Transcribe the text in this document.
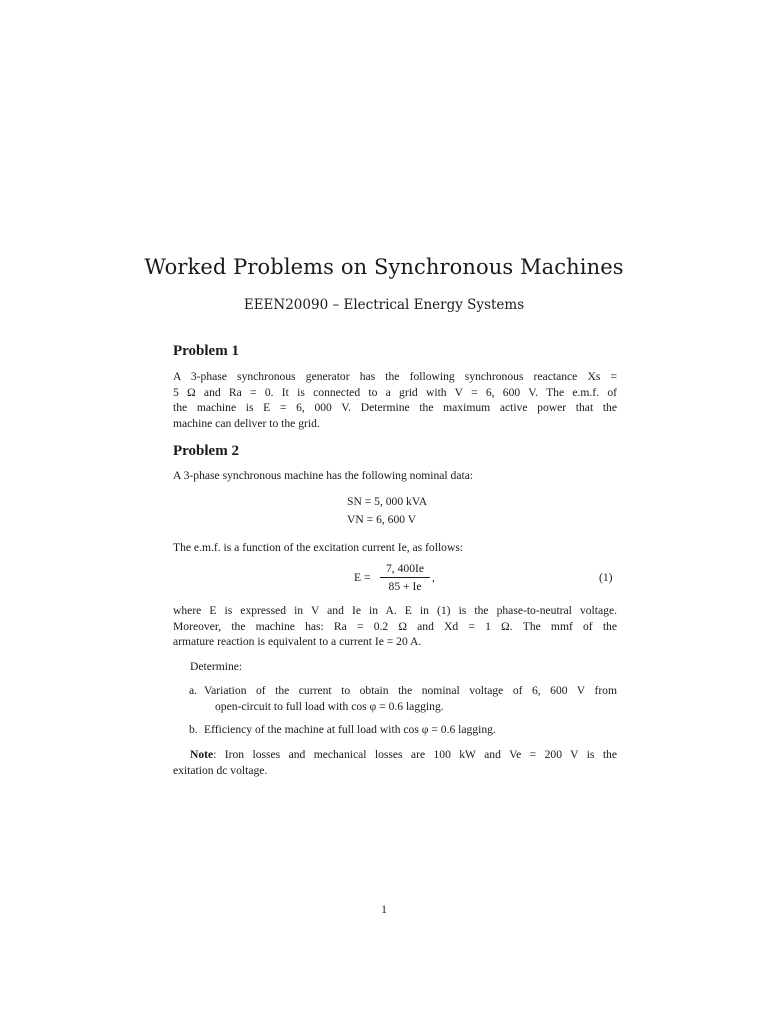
Worked Problems on Synchronous Machines
EEEN20090 – Electrical Energy Systems
Problem 1
A 3-phase synchronous generator has the following synchronous reactance Xs =
5 Ω and Ra = 0. It is connected to a grid with V = 6, 600 V. The e.m.f. of
the machine is E = 6, 000 V. Determine the maximum active power that the
machine can deliver to the grid.
Problem 2
A 3-phase synchronous machine has the following nominal data:
SN = 5, 000 kVA
VN = 6, 600 V
The e.m.f. is a function of the excitation current Ie, as follows:
E =
7, 400Ie
85 + Ie
,	(1)
where E is expressed in V and Ie in A. E in (1) is the phase-to-neutral voltage.
Moreover, the machine has: Ra = 0.2 Ω and Xd = 1 Ω. The mmf of the
armature reaction is equivalent to a current Ie = 20 A.
Determine:
a. Variation of the current to obtain the nominal voltage of 6, 600 V from
open-circuit to full load with cos φ = 0.6 lagging.
b. Efficiency of the machine at full load with cos φ = 0.6 lagging.
Note: Iron losses and mechanical losses are 100 kW and Ve = 200 V is the
exitation dc voltage.
1
